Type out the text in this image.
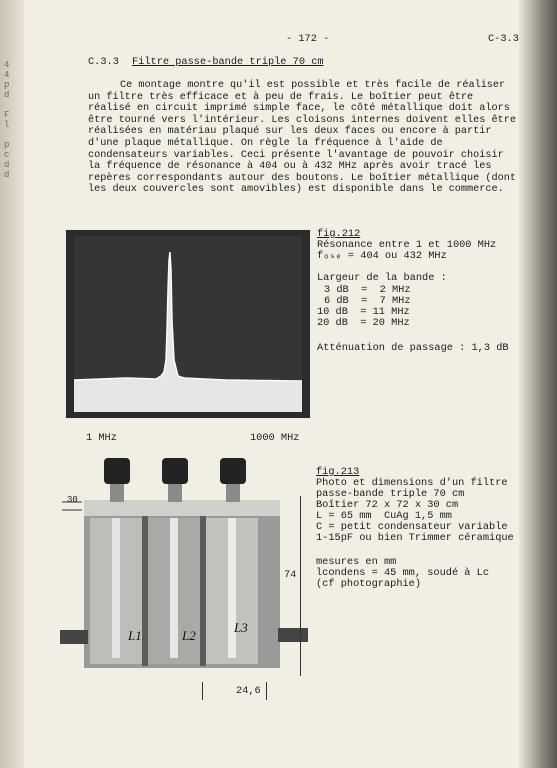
4
4
p
d

F
l

p
c
d
d
- 172 -	C-3.3
C.3.3 Filtre passe-bande triple 70 cm
Ce montage montre qu'il est possible et très facile de réaliser un filtre très efficace et à peu de frais. Le boîtier peut être réalisé en circuit imprimé simple face, le côté métallique doit alors être tourné vers l'intérieur. Les cloisons internes doivent elles être réalisées en matériau plaqué sur les deux faces ou encore à partir d'une plaque métallique. On règle la fréquence à l'aide de condensateurs variables. Ceci présente l'avantage de pouvoir choisir la fréquence de résonance à 404 ou à 432 MHz après avoir tracé les repères correspondants autour des boutons. Le boîtier métallique (dont les deux couvercles sont amovibles) est disponible dans le commerce.
1 MHz	1000 MHz
fig.212
Résonance entre 1 et 1000 MHz
fₒₛₑ = 404 ou 432 MHz
Largeur de la bande :
3 dB  =  2 MHz
6 dB  =  7 MHz
10 dB  = 11 MHz
20 dB  = 20 MHz
Atténuation de passage : 1,3 dB
30
74
24,6
L1	L2
L3
fig.213
Photo et dimensions d'un filtre
passe-bande triple 70 cm
Boîtier 72 x 72 x 30 cm
L = 65 mm  CuAg 1,5 mm
C = petit condensateur variable
1-15pF ou bien Trimmer céramique
mesures en mm
lcondens = 45 mm, soudé à Lc
(cf photographie)
